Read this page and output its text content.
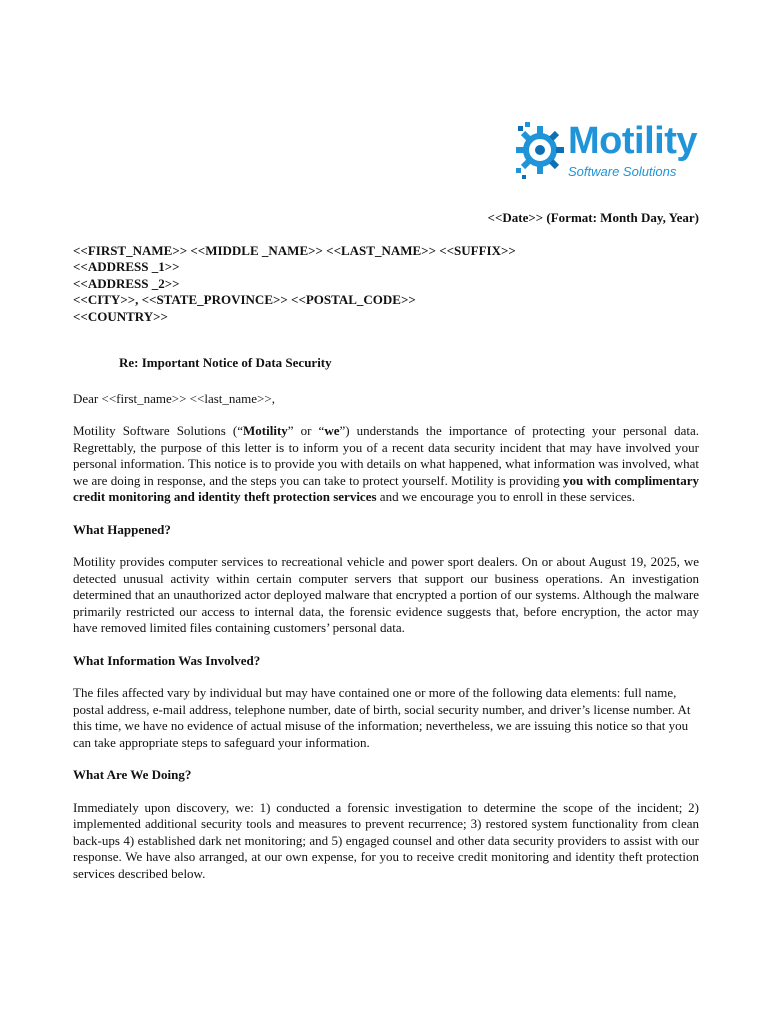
Motility
Software Solutions
<<Date>> (Format: Month Day, Year)
<<FIRST_NAME>> <<MIDDLE _NAME>> <<LAST_NAME>> <<SUFFIX>>
<<ADDRESS _1>>
<<ADDRESS _2>>
<<CITY>>, <<STATE_PROVINCE>> <<POSTAL_CODE>>
<<COUNTRY>>
Re: Important Notice of Data Security
Dear <<first_name>> <<last_name>>,

Motility Software Solutions (“Motility” or “we”) understands the importance of protecting your personal data. Regrettably, the purpose of this letter is to inform you of a recent data security incident that may have involved your personal information. This notice is to provide you with details on what happened, what information was involved, what we are doing in response, and the steps you can take to protect yourself. Motility is providing you with complimentary credit monitoring and identity theft protection services and we encourage you to enroll in these services.

What Happened?

Motility provides computer services to recreational vehicle and power sport dealers. On or about August 19, 2025, we detected unusual activity within certain computer servers that support our business operations. An investigation determined that an unauthorized actor deployed malware that encrypted a portion of our systems. Although the malware primarily restricted our access to internal data, the forensic evidence suggests that, before encryption, the actor may have removed limited files containing customers’ personal data.

What Information Was Involved?

The files affected vary by individual but may have contained one or more of the following data elements: full name, postal address, e-mail address, telephone number, date of birth, social security number, and driver’s license number. At this time, we have no evidence of actual misuse of the information; nevertheless, we are issuing this notice so that you can take appropriate steps to safeguard your information.

What Are We Doing?

Immediately upon discovery, we: 1) conducted a forensic investigation to determine the scope of the incident; 2) implemented additional security tools and measures to prevent recurrence; 3) restored system functionality from clean back-ups 4) established dark net monitoring; and 5) engaged counsel and other data security providers to assist with our response. We have also arranged, at our own expense, for you to receive credit monitoring and identity theft protection services described below.
